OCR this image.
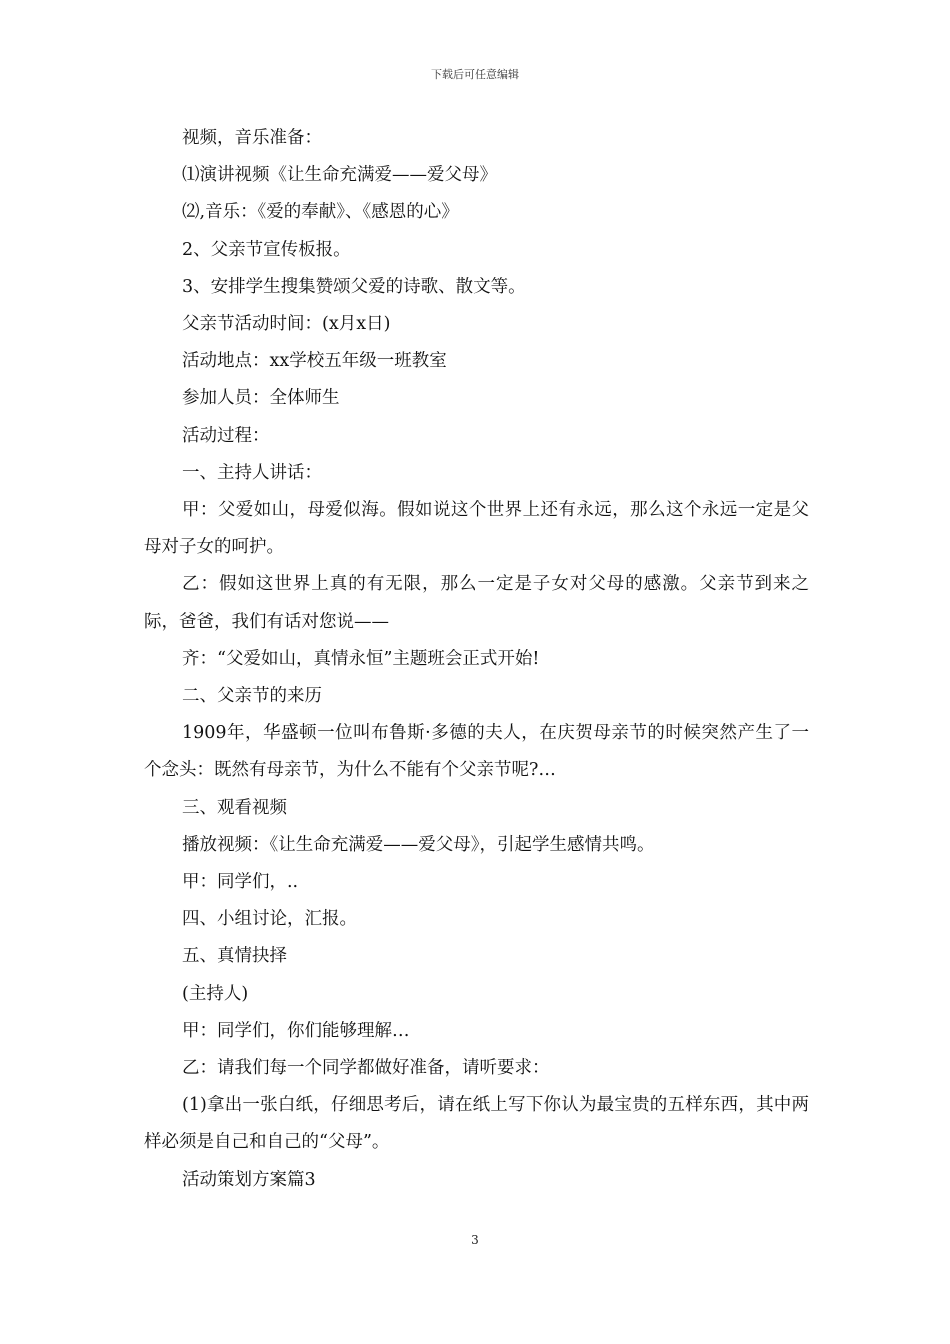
下载后可任意编辑

视频，音乐准备：

⑴演讲视频《让生命充满爱——爱父母》

⑵,音乐：《爱的奉献》、《感恩的心》

2、父亲节宣传板报。

3、安排学生搜集赞颂父爱的诗歌、散文等。

父亲节活动时间：(x月x日)

活动地点：xx学校五年级一班教室

参加人员：全体师生

活动过程：

一、主持人讲话：

甲：父爱如山，母爱似海。假如说这个世界上还有永远，那么这个永远一定是父母对子女的呵护。

乙：假如这世界上真的有无限，那么一定是子女对父母的感激。父亲节到来之际，爸爸，我们有话对您说——

齐：“父爱如山，真情永恒”主题班会正式开始!

二、父亲节的来历

1909年，华盛顿一位叫布鲁斯·多德的夫人，在庆贺母亲节的时候突然产生了一个念头：既然有母亲节，为什么不能有个父亲节呢?…

三、观看视频

播放视频：《让生命充满爱——爱父母》，引起学生感情共鸣。

甲：同学们，..

四、小组讨论，汇报。

五、真情抉择

(主持人)

甲：同学们，你们能够理解…

乙：请我们每一个同学都做好准备，请听要求：

(1)拿出一张白纸，仔细思考后，请在纸上写下你认为最宝贵的五样东西，其中两样必须是自己和自己的“父母”。

活动策划方案篇3

3
